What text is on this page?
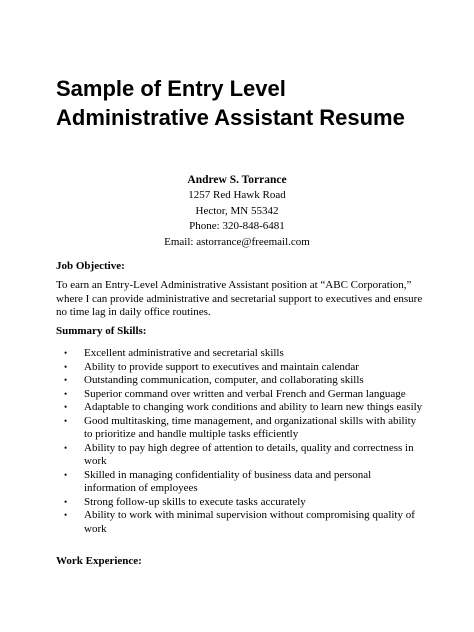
Sample of Entry Level
Administrative Assistant Resume
Andrew S. Torrance
1257 Red Hawk Road
Hector, MN 55342
Phone: 320-848-6481
Email: astorrance@freemail.com

Job Objective:

To earn an Entry-Level Administrative Assistant position at “ABC Corporation,” where I can provide administrative and secretarial support to executives and ensure no time lag in daily office routines.

Summary of Skills:

• Excellent administrative and secretarial skills
• Ability to provide support to executives and maintain calendar
• Outstanding communication, computer, and collaborating skills
• Superior command over written and verbal French and German language
• Adaptable to changing work conditions and ability to learn new things easily
• Good multitasking, time management, and organizational skills with ability to prioritize and handle multiple tasks efficiently
• Ability to pay high degree of attention to details, quality and correctness in work
• Skilled in managing confidentiality of business data and personal information of employees
• Strong follow-up skills to execute tasks accurately
• Ability to work with minimal supervision without compromising quality of work

Work Experience:
